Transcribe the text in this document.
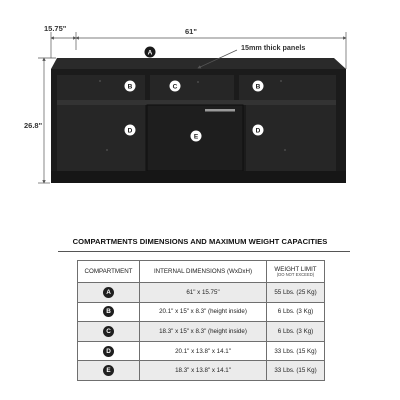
15.75"	61"
26.8"
15mm thick panels
A
B	C	B
D
E
D
COMPARTMENTS DIMENSIONS AND MAXIMUM WEIGHT CAPACITIES
COMPARTMENT	INTERNAL DIMENSIONS (WxDxH)	WEIGHT LIMIT
(DO NOT EXCEED)

A	61" x 15.75"	55 Lbs. (25 Kg)
B	20.1" x 15" x 8.3" (height inside)	6 Lbs. (3 Kg)
C	18.3" x 15" x 8.3" (height inside)	6 Lbs. (3 Kg)
D	20.1" x 13.8" x 14.1"	33 Lbs. (15 Kg)
E	18.3" x 13.8" x 14.1"	33 Lbs. (15 Kg)
